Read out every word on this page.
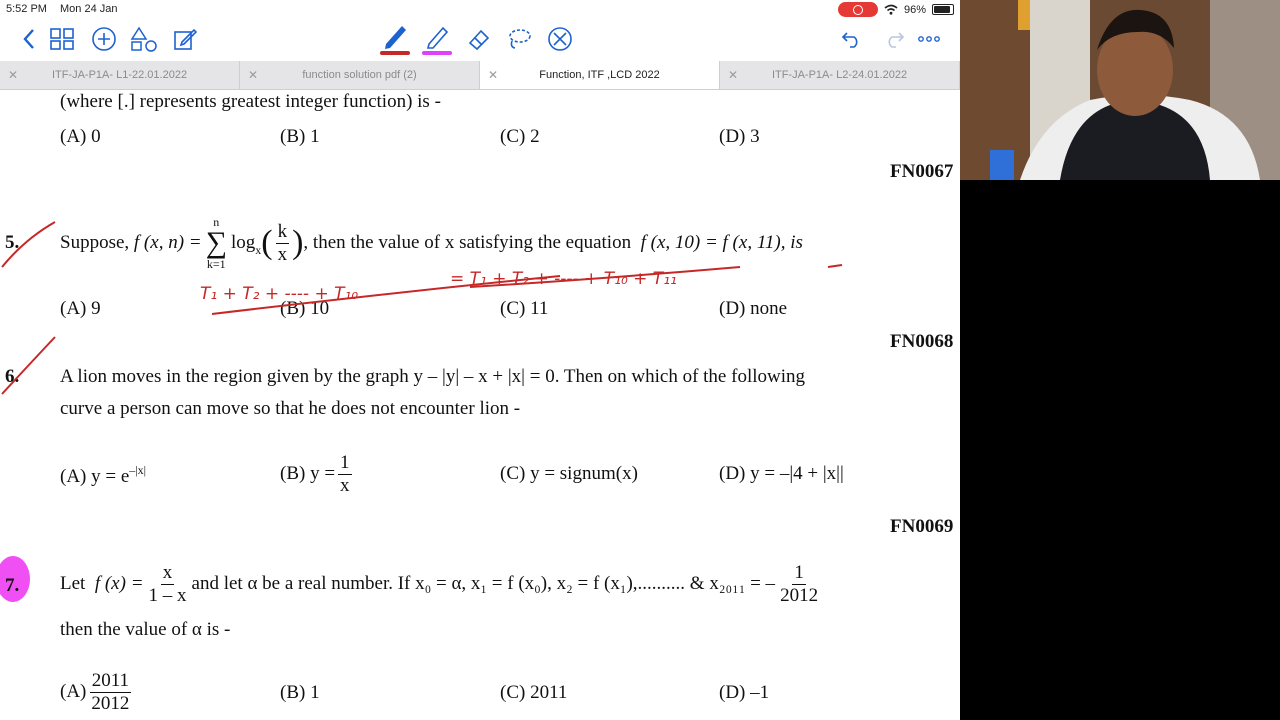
5:52 PM Mon 24 Jan	96%
✕	ITF-JA-P1A- L1-22.01.2022	✕	function solution pdf (2)	✕	Function, ITF ,LCD 2022	✕	ITF-JA-P1A- L2-24.01.2022
(where [.] represents greatest integer function) is -
(A) 0	(B) 1	(C) 2	(D) 3
FN0067
5. Suppose,
f (x, n) =
n
∑
k=1
$\log_x$ ( $\frac{k}{x}$ ) , then the value of x satisfying the equation
f (x, 10) = f (x, 11), is
(A) 9	(B) 10	(C) 11	(D) none
FN0068
6. A lion moves in the region given by the graph y – |y| – x + |x| = 0. Then on which of the following
curve a person can move so that he does not encounter lion -
(A) $y = e^{-|x|}$	(B) $y = \frac{1}{x}$	(C) y = signum(x)	(D) y = –|4 + |x||
FN0069
7. Let
f $(x) = \frac{x}{1 - x}$ and let α be a real number. If x₀ = α, x₁ = f (x₀), x₂ = f (x₁),.......... & x₂₀₁₁ = – $\frac{1}{2012}$
then the value of α is -
$(A) \frac{2011}{2012}$	(B) 1	(C) 2011	(D) –1
T₁ + T₂ + ---- + T₁₀
= T₁ + T₂ + ---- + T₁₀ + T₁₁
